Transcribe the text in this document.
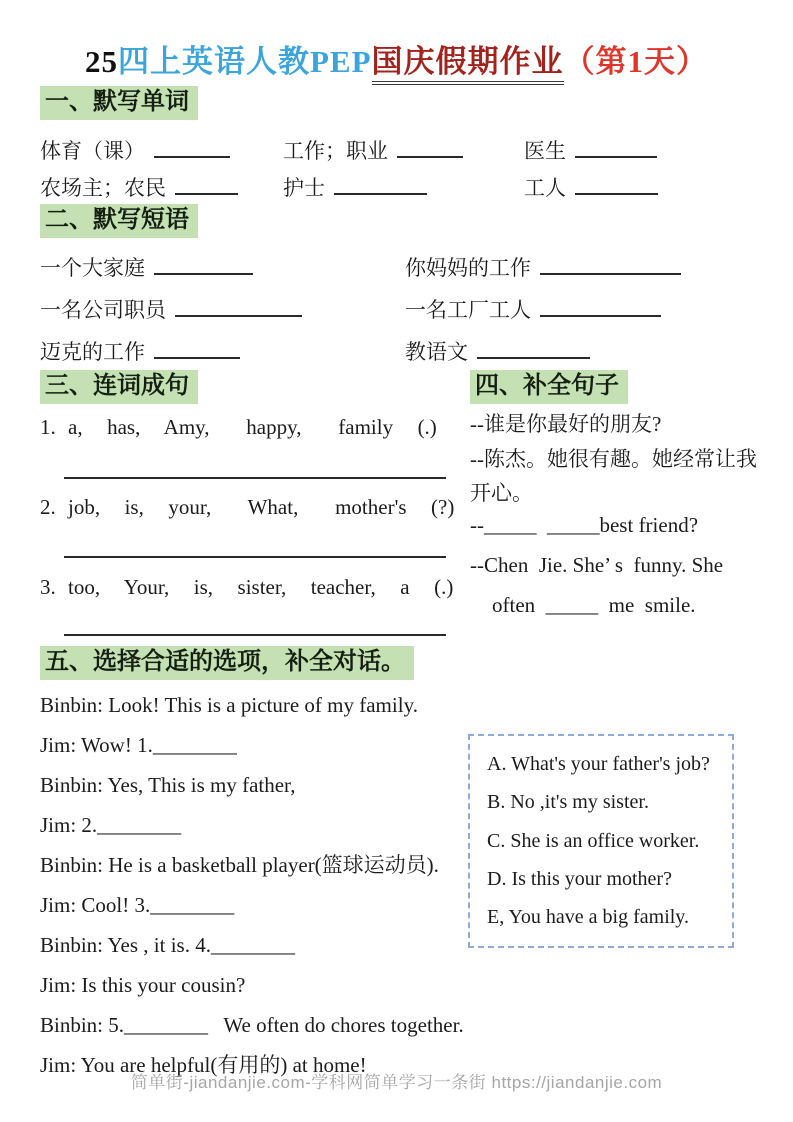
25四上英语人教PEP国庆假期作业（第1天）
一、默写单词
体育（课）	工作；职业	医生
农场主；农民	护士	工人
二、默写短语
一个大家庭	你妈妈的工作
一名公司职员	一名工厂工人
迈克的工作	教语文
三、连词成句	四、补全句子
1. a,  has,  Amy,   happy,   family  (.)
2. job,  is,  your,   What,   mother's  (?)
3. too,  Your,  is,  sister,  teacher,  a  (.)
--谁是你最好的朋友?
--陈杰。她很有趣。她经常让我
开心。
--_____  _____best friend?
--Chen  Jie. She’ s  funny. She
often  _____  me  smile.
五、选择合适的选项，补全对话。
Binbin: Look! This is a picture of my family.
Jim: Wow! 1.________
Binbin: Yes, This is my father,
Jim: 2.________
Binbin: He is a basketball player(篮球运动员).
Jim: Cool! 3.________
Binbin: Yes , it is. 4.________
Jim: Is this your cousin?
Binbin: 5.________   We often do chores together.
Jim: You are helpful(有用的) at home!
A. What's your father's job?
B. No ,it's my sister.
C. She is an office worker.
D. Is this your mother?
E, You have a big family.
简单街-jiandanjie.com-学科网简单学习一条街 https://jiandanjie.com
